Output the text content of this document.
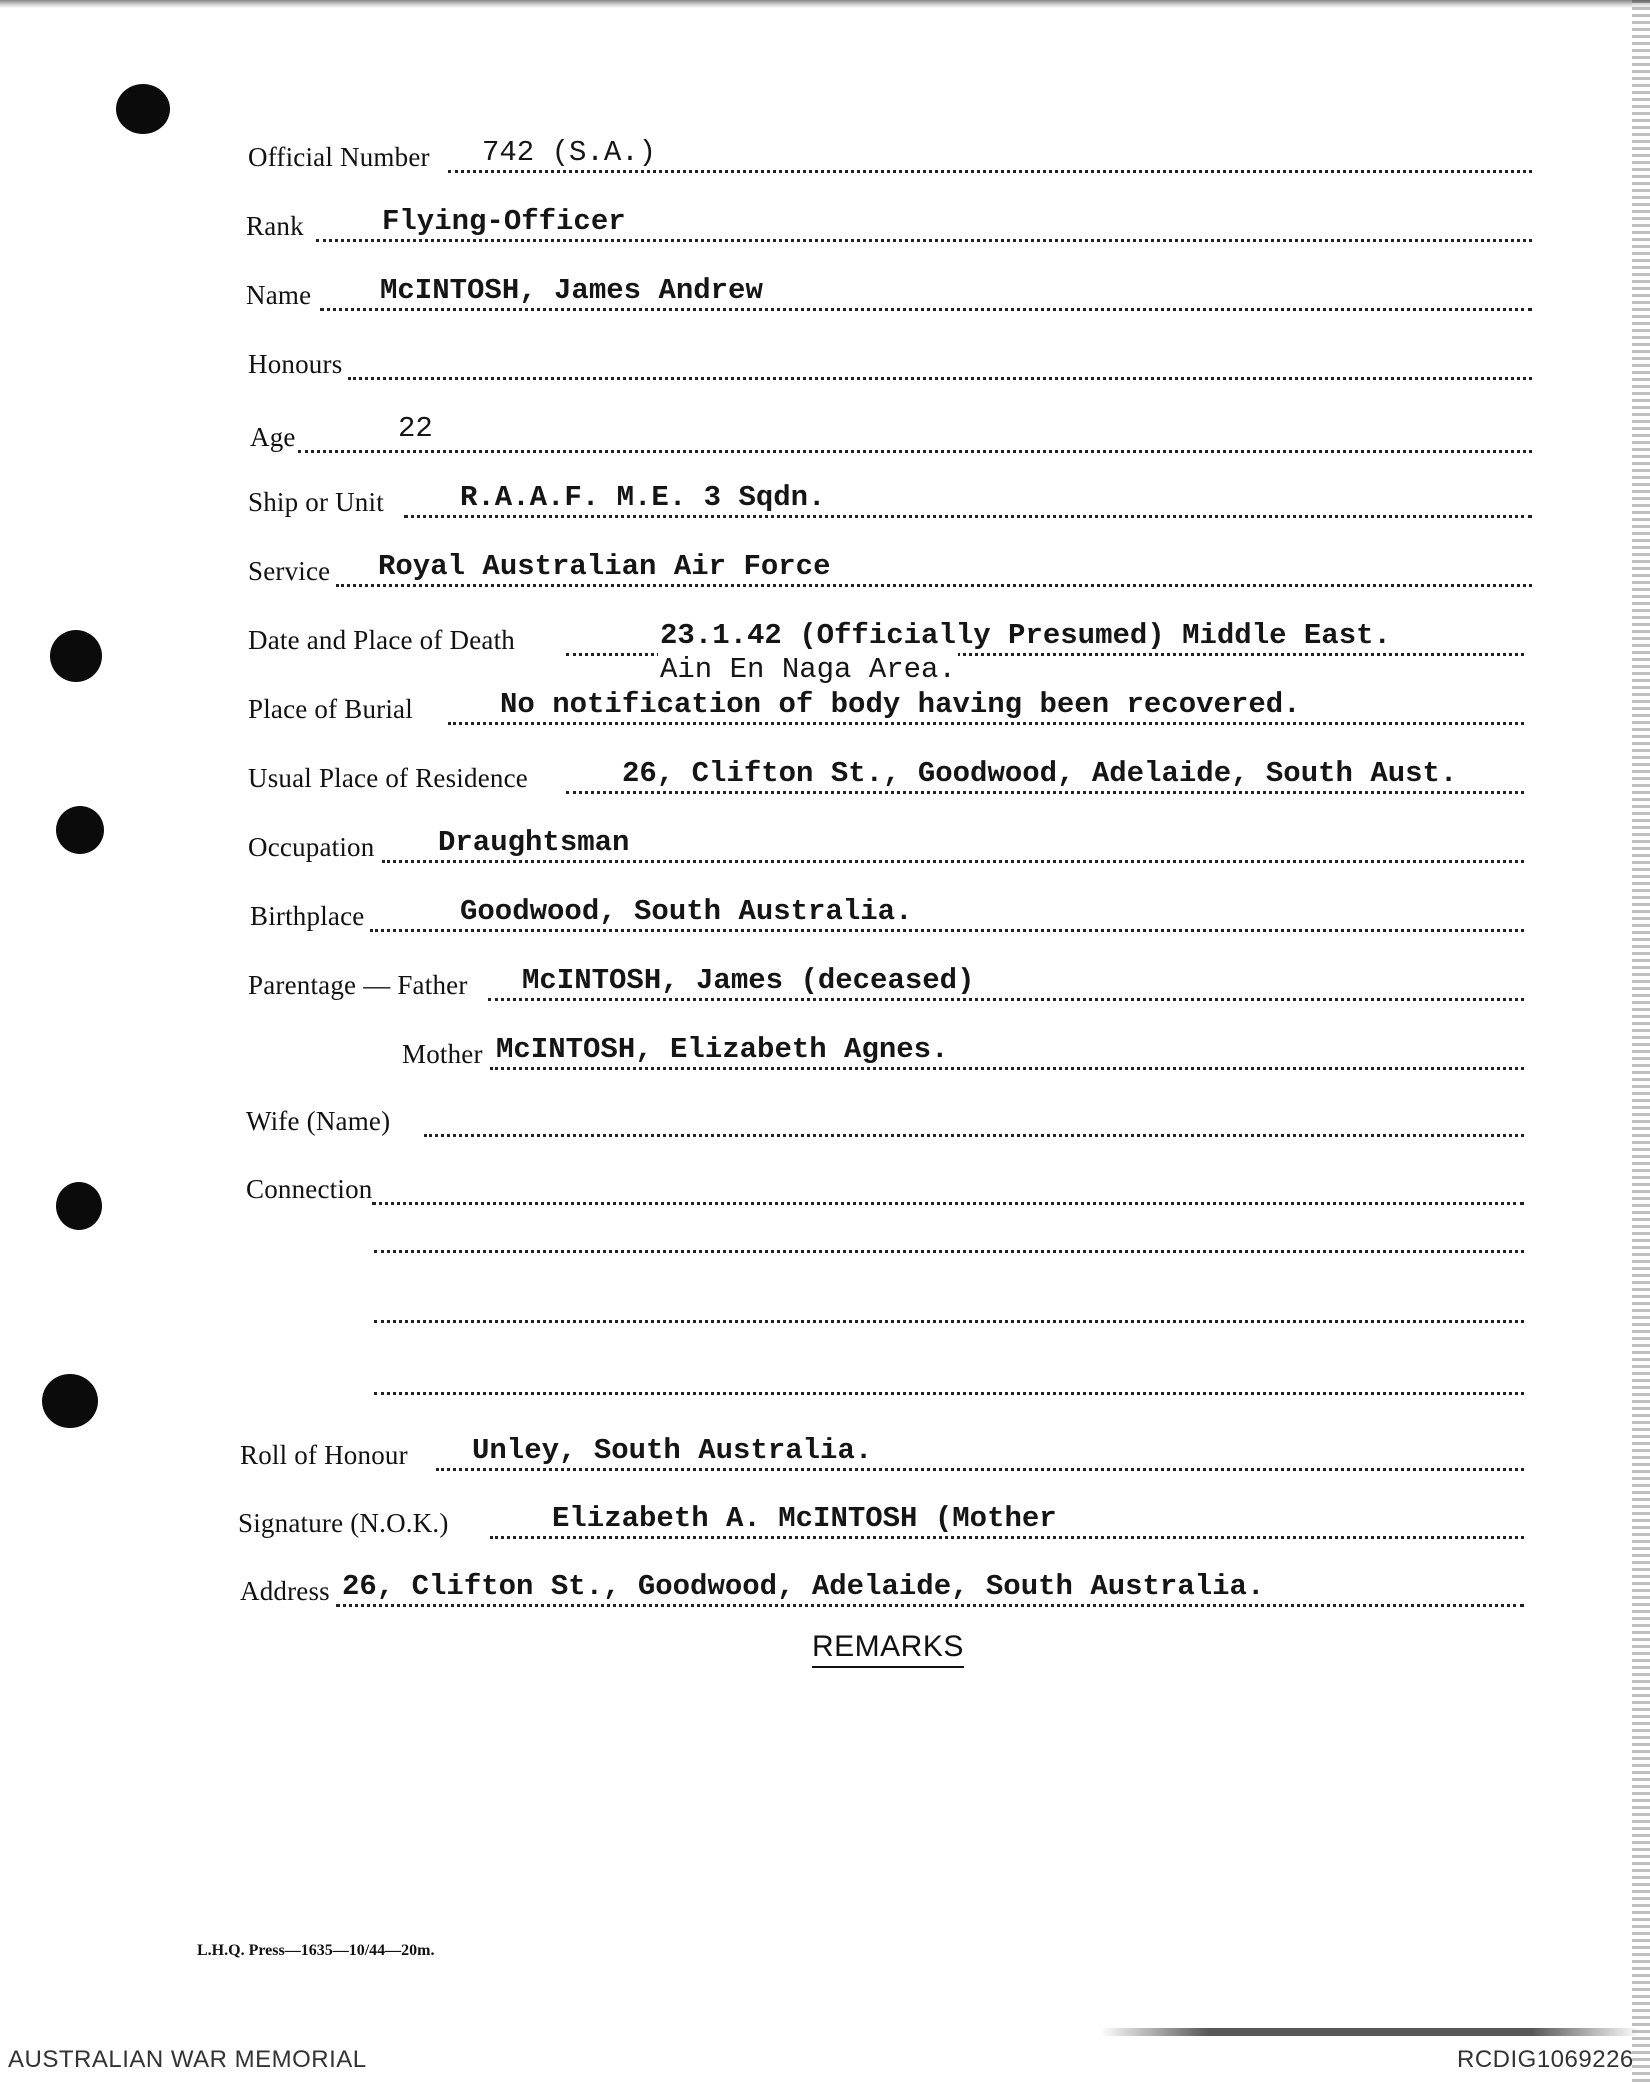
Official Number 742 (S.A.)
Rank	Flying-Officer
Name McINTOSH, James Andrew
Honours
Age	22
Ship or Unit	R.A.A.F. M.E. 3 Sqdn.
Service Royal Australian Air Force
Date and Place of Death	23.1.42 (Officially Presumed) Middle East.
Ain En Naga Area.
Place of Burial	No notification of body having been recovered.
Usual Place of Residence	26, Clifton St., Goodwood, Adelaide, South Aust.
Occupation Draughtsman
Birthplace	Goodwood, South Australia.
Parentage — Father McINTOSH, James (deceased)
Mother McINTOSH, Elizabeth Agnes.
Wife (Name)
Connection
Roll of Honour Unley, South Australia.
Signature (N.O.K.)	Elizabeth A. McINTOSH (Mother
Address 26, Clifton St., Goodwood, Adelaide, South Australia.
REMARKS
L.H.Q. Press—1635—10/44—20m.
AUSTRALIAN WAR MEMORIAL	RCDIG1069226
